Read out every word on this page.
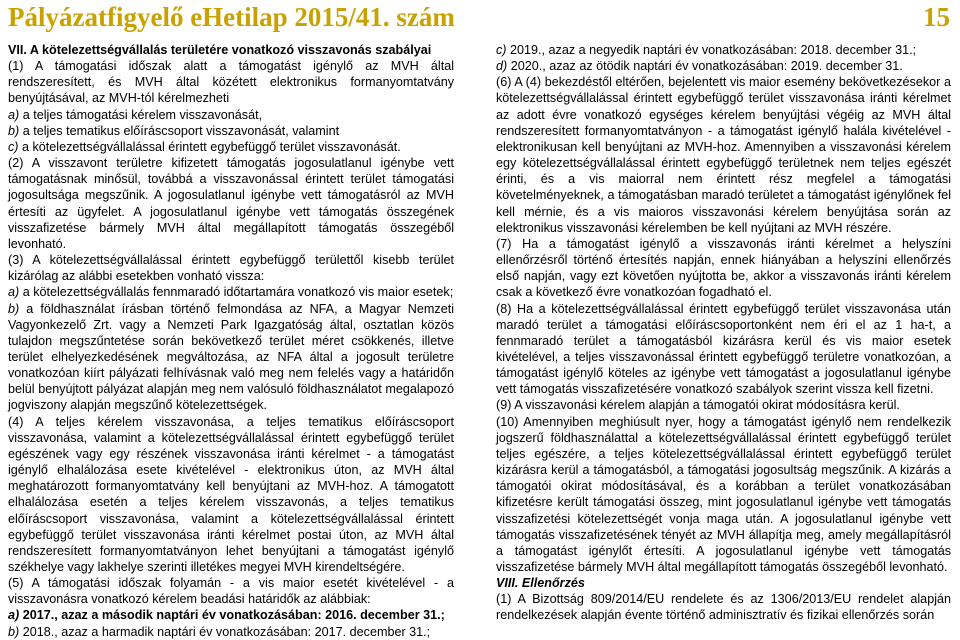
Pályázatfigyelő eHetilap 2015/41. szám	15

VII. A kötelezettségvállalás területére vonatkozó visszavonás szabályai

(1) A támogatási időszak alatt a támogatást igénylő az MVH által rendszeresített, és MVH által közétett elektronikus formanyomtatvány benyújtásával, az MVH-tól kérelmezheti

a) a teljes támogatási kérelem visszavonását,

b) a teljes tematikus előíráscsoport visszavonását, valamint

c) a kötelezettségvállalással érintett egybefüggő terület visszavonását.

(2) A visszavont területre kifizetett támogatás jogosulatlanul igénybe vett támogatásnak minősül, továbbá a visszavonással érintett terület támogatási jogosultsága megszűnik. A jogosulatlanul igénybe vett támogatásról az MVH értesíti az ügyfelet. A jogosulatlanul igénybe vett támogatás összegének visszafizetése bármely MVH által megállapított támogatás összegéből levonható.

(3) A kötelezettségvállalással érintett egybefüggő területtől kisebb terület kizárólag az alábbi esetekben vonható vissza:

a) a kötelezettségvállalás fennmaradó időtartamára vonatkozó vis maior esetek;

b) a földhasználat írásban történő felmondása az NFA, a Magyar Nemzeti Vagyonkezelő Zrt. vagy a Nemzeti Park Igazgatóság által, osztatlan közös tulajdon megszűntetése során bekövetkező terület méret csökkenés, illetve terület elhelyezkedésének megváltozása, az NFA által a jogosult területre vonatkozóan kiírt pályázati felhívásnak való meg nem felelés vagy a határidőn belül benyújtott pályázat alapján meg nem valósuló földhasználatot megalapozó jogviszony alapján megszűnő kötelezettségek.

(4) A teljes kérelem visszavonása, a teljes tematikus előíráscsoport visszavonása, valamint a kötelezettségvállalással érintett egybefüggő terület egészének vagy egy részének visszavonása iránti kérelmet - a támogatást igénylő elhalálozása esete kivételével - elektronikus úton, az MVH által meghatározott formanyomtatvány kell benyújtani az MVH-hoz. A támogatott elhalálozása esetén a teljes kérelem visszavonás, a teljes tematikus előíráscsoport visszavonása, valamint a kötelezettségvállalással érintett egybefüggő terület visszavonása iránti kérelmet postai úton, az MVH által rendszeresített formanyomtatványon lehet benyújtani a támogatást igénylő székhelye vagy lakhelye szerinti illetékes megyei MVH kirendeltségére.

(5) A támogatási időszak folyamán - a vis maior esetét kivételével - a visszavonásra vonatkozó kérelem beadási határidők az alábbiak:

a) 2017., azaz a második naptári év vonatkozásában: 2016. december 31.;

b) 2018., azaz a harmadik naptári év vonatkozásában: 2017. december 31.;

c) 2019., azaz a negyedik naptári év vonatkozásában: 2018. december 31.;

d) 2020., azaz az ötödik naptári év vonatkozásában: 2019. december 31.

(6) A (4) bekezdéstől eltérően, bejelentett vis maior esemény bekövetkezésekor a kötelezettségvállalással érintett egybefüggő terület visszavonása iránti kérelmet az adott évre vonatkozó egységes kérelem benyújtási végéig az MVH által rendszeresített formanyomtatványon - a támogatást igénylő halála kivételével - elektronikusan kell benyújtani az MVH-hoz. Amennyiben a visszavonási kérelem egy kötelezettségvállalással érintett egybefüggő területnek nem teljes egészét érinti, és a vis maiorral nem érintett rész megfelel a támogatási követelményeknek, a támogatásban maradó területet a támogatást igénylőnek fel kell mérnie, és a vis maioros visszavonási kérelem benyújtása során az elektronikus visszavonási kérelemben be kell nyújtani az MVH részére.

(7) Ha a támogatást igénylő a visszavonás iránti kérelmet a helyszíni ellenőrzésről történő értesítés napján, ennek hiányában a helyszíni ellenőrzés első napján, vagy ezt követően nyújtotta be, akkor a visszavonás iránti kérelem csak a következő évre vonatkozóan fogadható el.

(8) Ha a kötelezettségvállalással érintett egybefüggő terület visszavonása után maradó terület a támogatási előíráscsoportonként nem éri el az 1 ha-t, a fennmaradó terület a támogatásból kizárásra kerül és vis maior esetek kivételével, a teljes visszavonással érintett egybefüggő területre vonatkozóan, a támogatást igénylő köteles az igénybe vett támogatást a jogosulatlanul igénybe vett támogatás visszafizetésére vonatkozó szabályok szerint vissza kell fizetni.

(9) A visszavonási kérelem alapján a támogatói okirat módosításra kerül.

(10) Amennyiben meghiúsult nyer, hogy a támogatást igénylő nem rendelkezik jogszerű földhasználattal a kötelezettségvállalással érintett egybefüggő terület teljes egészére, a teljes kötelezettségvállalással érintett egybefüggő terület kizárásra kerül a támogatásból, a támogatási jogosultság megszűnik. A kizárás a támogatói okirat módosításával, és a korábban a terület vonatkozásában kifizetésre került támogatási összeg, mint jogosulatlanul igénybe vett támogatás visszafizetési kötelezettségét vonja maga után. A jogosulatlanul igénybe vett támogatás visszafizetésének tényét az MVH állapítja meg, amely megállapításról a támogatást igénylőt értesíti. A jogosulatlanul igénybe vett támogatás visszafizetése bármely MVH által megállapított támogatás összegéből levonható.

VIII. Ellenőrzés

(1) A Bizottság 809/2014/EU rendelete és az 1306/2013/EU rendelet alapján rendelkezések alapján évente történő adminisztratív és fizikai ellenőrzés során
